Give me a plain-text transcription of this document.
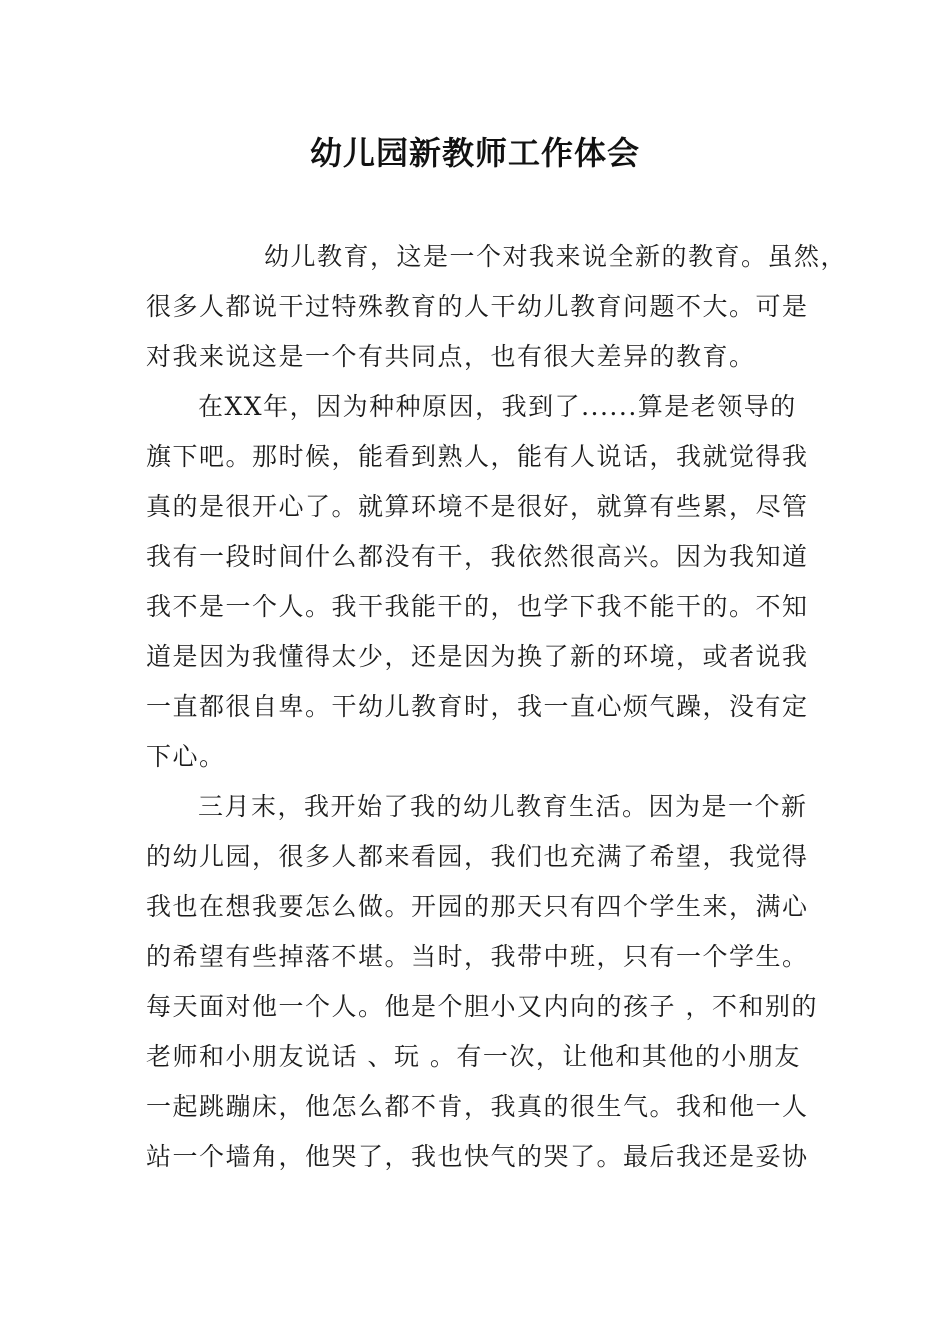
幼儿园新教师工作体会
幼儿教育，这是一个对我来说全新的教育。虽然，
很多人都说干过特殊教育的人干幼儿教育问题不大。可是
对我来说这是一个有共同点，也有很大差异的教育。
在XX年，因为种种原因，我到了......算是老领导的
旗下吧。那时候，能看到熟人，能有人说话，我就觉得我
真的是很开心了。就算环境不是很好，就算有些累，尽管
我有一段时间什么都没有干，我依然很高兴。因为我知道
我不是一个人。我干我能干的，也学下我不能干的。不知
道是因为我懂得太少，还是因为换了新的环境，或者说我
一直都很自卑。干幼儿教育时，我一直心烦气躁，没有定
下心。
三月末，我开始了我的幼儿教育生活。因为是一个新
的幼儿园，很多人都来看园，我们也充满了希望，我觉得
我也在想我要怎么做。开园的那天只有四个学生来，满心
的希望有些掉落不堪。当时，我带中班，只有一个学生。
每天面对他一个人。他是个胆小又内向的孩子 ，不和别的
老师和小朋友说话 、玩 。有一次，让他和其他的小朋友
一起跳蹦床，他怎么都不肯，我真的很生气。我和他一人
站一个墙角，他哭了，我也快气的哭了。最后我还是妥协
